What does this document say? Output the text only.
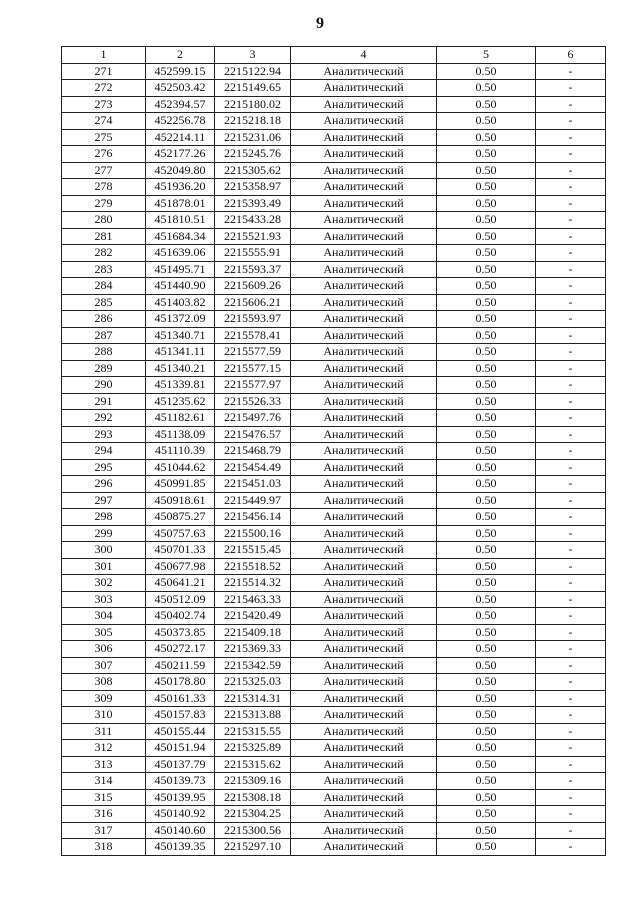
9
1	2	3	4	5	6
271	452599.15	2215122.94	Аналитический	0.50	-
272	452503.42	2215149.65	Аналитический	0.50	-
273	452394.57	2215180.02	Аналитический	0.50	-
274	452256.78	2215218.18	Аналитический	0.50	-
275	452214.11	2215231.06	Аналитический	0.50	-
276	452177.26	2215245.76	Аналитический	0.50	-
277	452049.80	2215305.62	Аналитический	0.50	-
278	451936.20	2215358.97	Аналитический	0.50	-
279	451878.01	2215393.49	Аналитический	0.50	-
280	451810.51	2215433.28	Аналитический	0.50	-
281	451684.34	2215521.93	Аналитический	0.50	-
282	451639.06	2215555.91	Аналитический	0.50	-
283	451495.71	2215593.37	Аналитический	0.50	-
284	451440.90	2215609.26	Аналитический	0.50	-
285	451403.82	2215606.21	Аналитический	0.50	-
286	451372.09	2215593.97	Аналитический	0.50	-
287	451340.71	2215578.41	Аналитический	0.50	-
288	451341.11	2215577.59	Аналитический	0.50	-
289	451340.21	2215577.15	Аналитический	0.50	-
290	451339.81	2215577.97	Аналитический	0.50	-
291	451235.62	2215526.33	Аналитический	0.50	-
292	451182.61	2215497.76	Аналитический	0.50	-
293	451138.09	2215476.57	Аналитический	0.50	-
294	451110.39	2215468.79	Аналитический	0.50	-
295	451044.62	2215454.49	Аналитический	0.50	-
296	450991.85	2215451.03	Аналитический	0.50	-
297	450918.61	2215449.97	Аналитический	0.50	-
298	450875.27	2215456.14	Аналитический	0.50	-
299	450757.63	2215500.16	Аналитический	0.50	-
300	450701.33	2215515.45	Аналитический	0.50	-
301	450677.98	2215518.52	Аналитический	0.50	-
302	450641.21	2215514.32	Аналитический	0.50	-
303	450512.09	2215463.33	Аналитический	0.50	-
304	450402.74	2215420.49	Аналитический	0.50	-
305	450373.85	2215409.18	Аналитический	0.50	-
306	450272.17	2215369.33	Аналитический	0.50	-
307	450211.59	2215342.59	Аналитический	0.50	-
308	450178.80	2215325.03	Аналитический	0.50	-
309	450161.33	2215314.31	Аналитический	0.50	-
310	450157.83	2215313.88	Аналитический	0.50	-
311	450155.44	2215315.55	Аналитический	0.50	-
312	450151.94	2215325.89	Аналитический	0.50	-
313	450137.79	2215315.62	Аналитический	0.50	-
314	450139.73	2215309.16	Аналитический	0.50	-
315	450139.95	2215308.18	Аналитический	0.50	-
316	450140.92	2215304.25	Аналитический	0.50	-
317	450140.60	2215300.56	Аналитический	0.50	-
318	450139.35	2215297.10	Аналитический	0.50	-
